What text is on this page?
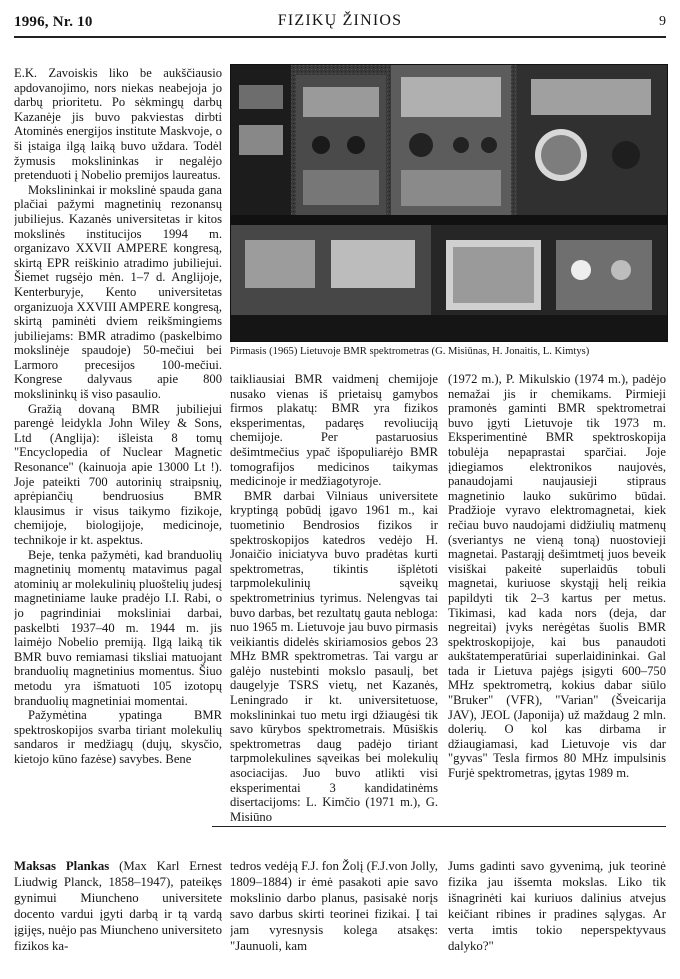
1996, Nr. 10	FIZIKŲ ŽINIOS	9

E.K. Zavoiskis liko be aukščiausio apdovanojimo, nors niekas neabejoja jo darbų prioritetu. Po sėkmingų darbų Kazanėje jis buvo pakviestas dirbti Atominės energijos institute Maskvoje, o ši įstaiga ilgą laiką buvo uždara. Todėl žymusis mokslininkas ir negalėjo pretenduoti į Nobelio premijos laureatus.

Mokslininkai ir mokslinė spauda gana plačiai pažymi magnetinių rezonansų jubiliejus. Kazanės universitetas ir kitos mokslinės institucijos 1994 m. organizavo XXVII AMPERE kongresą, skirtą EPR reiškinio atradimo jubiliejui. Šiemet rugsėjo mėn. 1–7 d. Anglijoje, Kenterburyje, Kento universitetas organizuoja XXVIII AMPERE kongresą, skirtą paminėti dviem reikšmingiems jubiliejams: BMR atradimo (paskelbimo mokslinėje spaudoje) 50-mečiui bei Larmoro precesijos 100-mečiui. Kongrese dalyvaus apie 800 mokslininkų iš viso pasaulio.

Gražią dovaną BMR jubiliejui parengė leidykla John Wiley & Sons, Ltd (Anglija): išleista 8 tomų "Encyclopedia of Nuclear Magnetic Resonance" (kainuoja apie 13000 Lt !). Joje pateikti 700 autorinių straipsnių, aprėpiančių bendruosius BMR klausimus ir visus taikymo fizikoje, chemijoje, biologijoje, medicinoje, technikoje ir kt. aspektus.

Beje, tenka pažymėti, kad branduolių magnetinių momentų matavimus pagal atominių ar molekulinių pluoštelių judesį magnetiniame lauke pradėjo I.I. Rabi, o jo pagrindiniai moksliniai darbai, paskelbti 1937–40 m. 1944 m. jis laimėjo Nobelio premiją. Ilgą laiką tik BMR buvo remiamasi tiksliai matuojant branduolių magnetinius momentus. Šiuo metodu yra išmatuoti 105 izotopų branduolių magnetiniai momentai.

Pažymėtina ypatinga BMR spektroskopijos svarba tiriant molekulių sandaros ir medžiagų (dujų, skysčio, kietojo kūno fazėse) savybes. Bene

Pirmasis (1965) Lietuvoje BMR spektrometras (G. Misiūnas, H. Jonaitis, L. Kimtys)

taikliausiai BMR vaidmenį chemijoje nusako vienas iš prietaisų gamybos firmos plakatų: BMR yra fizikos eksperimentas, padaręs revoliuciją chemijoje. Per pastaruosius dešimtmečius ypač išpopuliarėjo BMR tomografijos medicinos taikymas medicinoje ir medžiagotyroje.

BMR darbai Vilniaus universitete kryptingą pobūdį įgavo 1961 m., kai tuometinio Bendrosios fizikos ir spektroskopijos katedros vedėjo H. Jonaičio iniciatyva buvo pradėtas kurti spektrometras, tikintis išplėtoti tarpmolekulinių sąveikų spektrometrinius tyrimus. Nelengvas tai buvo darbas, bet rezultatų gauta nebloga: nuo 1965 m. Lietuvoje jau buvo pirmasis veikiantis didelės skiriamosios gebos 23 MHz BMR spektrometras. Tai vargu ar galėjo nustebinti mokslo pasaulį, bet daugelyje TSRS vietų, net Kazanės, Leningrado ir kt. universitetuose, mokslininkai tuo metu irgi džiaugėsi tik savo kūrybos spektrometrais. Mūsiškis spektrometras daug padėjo tiriant tarpmolekulines sąveikas bei molekulių asociacijas. Juo buvo atlikti visi eksperimentai 3 kandidatinėms disertacijoms: L. Kimčio (1971 m.), G. Misiūno

(1972 m.), P. Mikulskio (1974 m.), padėjo nemažai jis ir chemikams. Pirmieji pramonės gaminti BMR spektrometrai buvo įgyti Lietuvoje tik 1973 m. Eksperimentinė BMR spektroskopija tobulėja nepaprastai sparčiai. Joje įdiegiamos elektronikos naujovės, panaudojami naujausieji stipraus magnetinio lauko sukūrimo būdai. Pradžioje vyravo elektromagnetai, kiek rečiau buvo naudojami didžiulių matmenų (sveriantys ne vieną toną) nuostovieji magnetai. Pastarąjį dešimtmetį juos beveik visiškai pakeitė superlaidūs tobuli magnetai, kuriuose skystąjį helį reikia papildyti tik 2–3 kartus per metus. Tikimasi, kad kada nors (deja, dar negreitai) įvyks nerėgėtas šuolis BMR spektroskopijoje, kai bus panaudoti aukštatemperatūriai superlaidininkai. Gal tada ir Lietuva pajėgs įsigyti 600–750 MHz spektrometrą, kokius dabar siūlo "Bruker" (VFR), "Varian" (Šveicarija JAV), JEOL (Japonija) už maždaug 2 mln. dolerių. O kol kas dirbama ir džiaugiamasi, kad Lietuvoje vis dar "gyvas" Tesla firmos 80 MHz impulsinis Furjė spektrometras, įgytas 1989 m.

Maksas Plankas (Max Karl Ernest Liudwig Planck, 1858–1947), pateikęs gynimui Miuncheno universitete docento vardui įgyti darbą ir tą vardą įgijęs, nuėjo pas Miuncheno universiteto fizikos ka-

tedros vedėją F.J. fon Žolį (F.J.von Jolly, 1809–1884) ir ėmė pasakoti apie savo mokslinio darbo planus, pasisakė norįs savo darbus skirti teorinei fizikai. Į tai jam vyresnysis kolega atsakęs: "Jaunuoli, kam

Jums gadinti savo gyvenimą, juk teorinė fizika jau išsemta mokslas. Liko tik išnagrinėti kai kuriuos dalinius atvejus keičiant ribines ir pradines sąlygas. Ar verta imtis tokio neperspektyvaus dalyko?"
